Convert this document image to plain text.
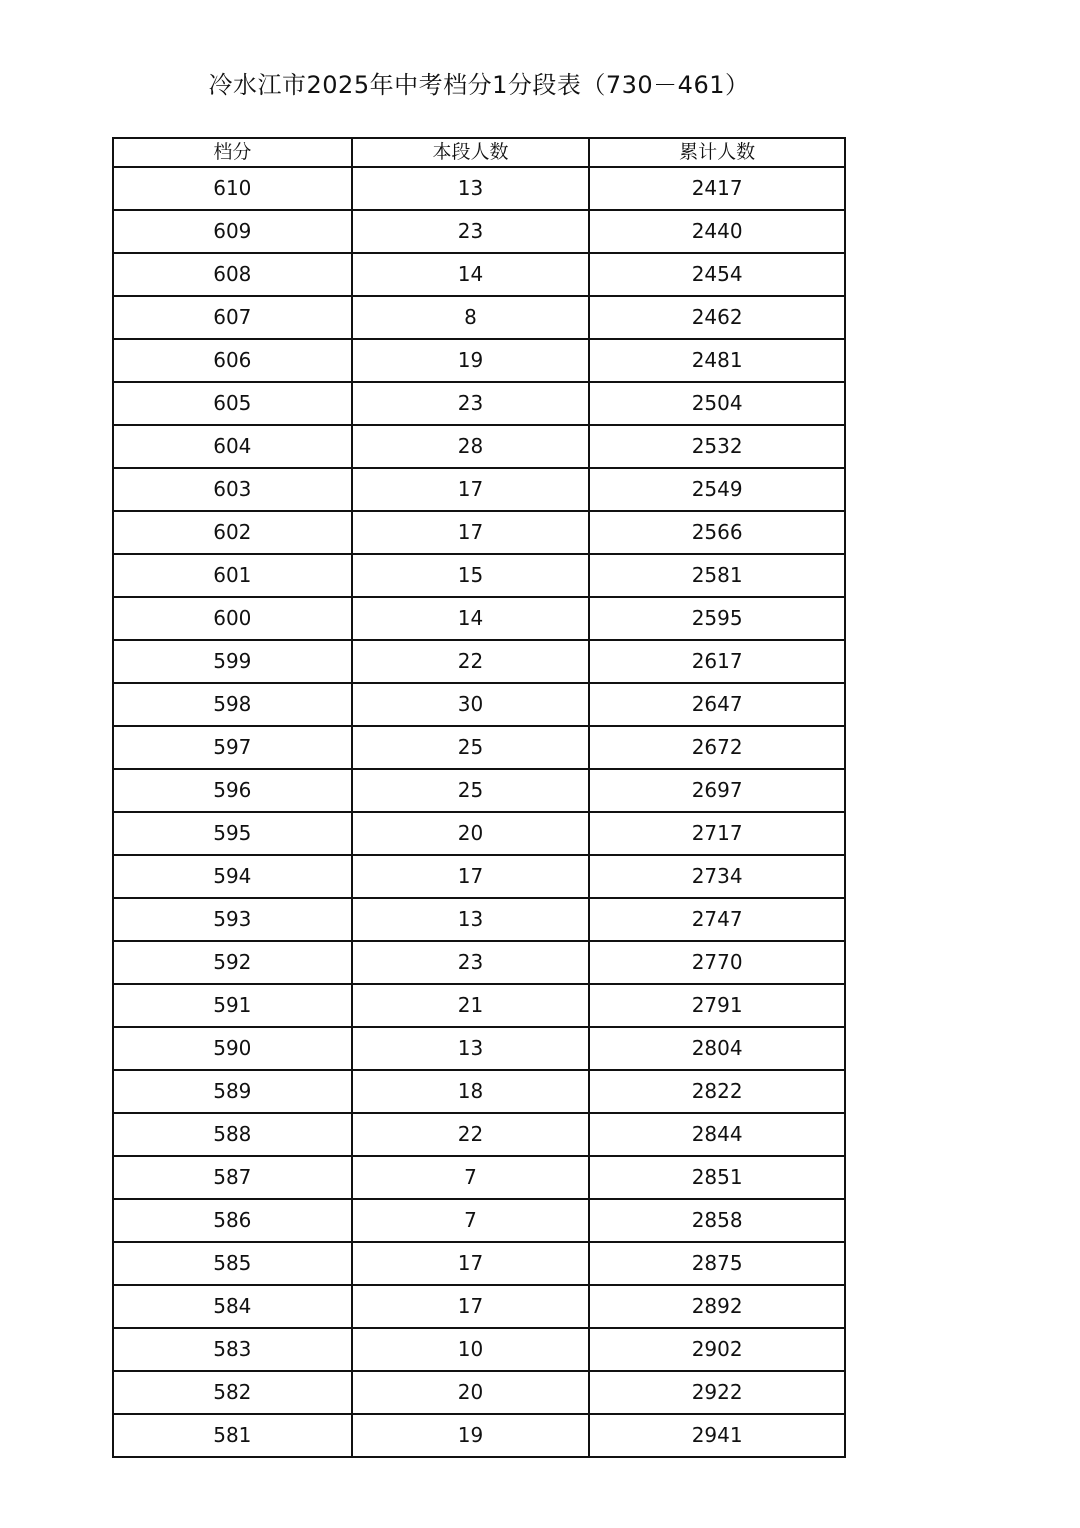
冷水江市2025年中考档分1分段表（730－461）
档分	本段人数	累计人数
610	13	2417
609	23	2440
608	14	2454
607	8	2462
606	19	2481
605	23	2504
604	28	2532
603	17	2549
602	17	2566
601	15	2581
600	14	2595
599	22	2617
598	30	2647
597	25	2672
596	25	2697
595	20	2717
594	17	2734
593	13	2747
592	23	2770
591	21	2791
590	13	2804
589	18	2822
588	22	2844
587	7	2851
586	7	2858
585	17	2875
584	17	2892
583	10	2902
582	20	2922
581	19	2941
